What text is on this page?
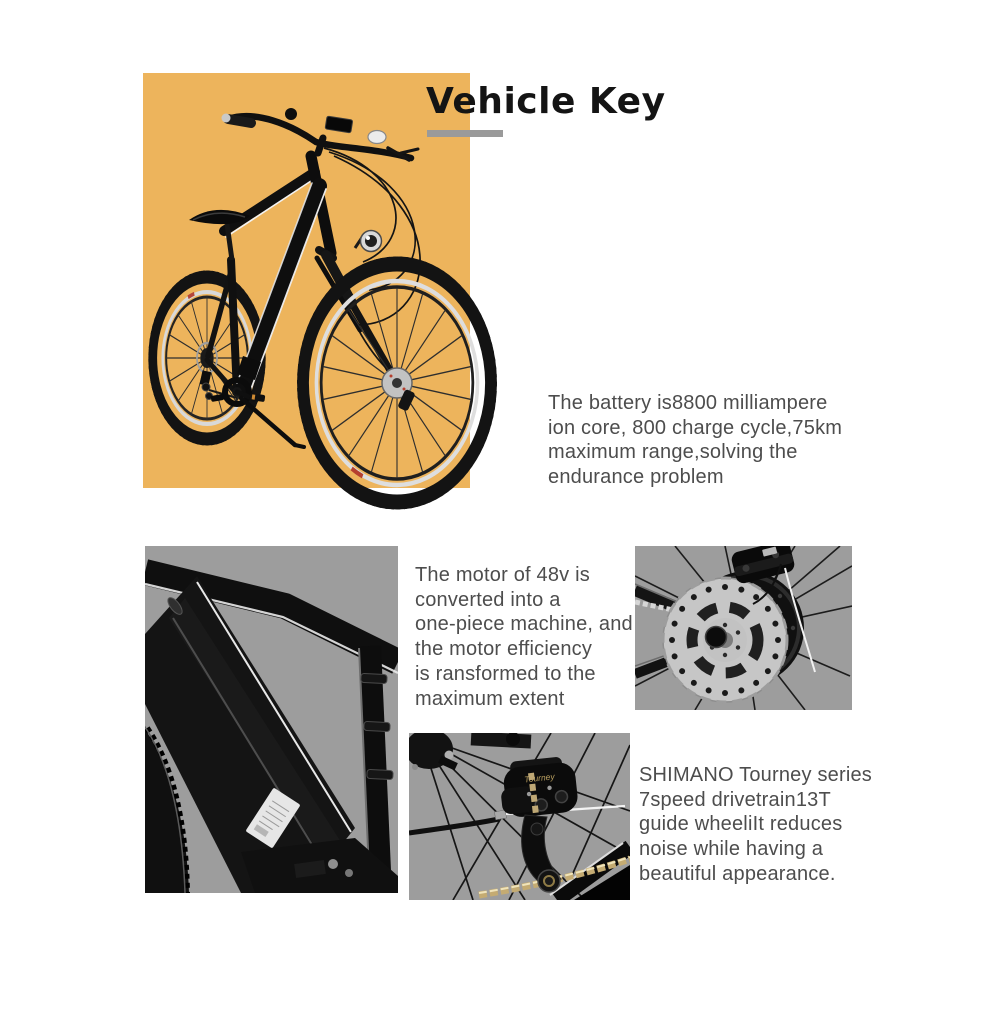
Vehicle Key
The battery is8800 milliampere
ion core, 800 charge cycle,75km
maximum range,solving the
endurance problem
The motor of 48v is
converted into a
one-piece machine, and
the motor efficiency
is ransformed to the
maximum extent
Tourney	SHIMANO Tourney series
7speed drivetrain13T
guide wheeliIt reduces
noise while having a
beautiful appearance.
